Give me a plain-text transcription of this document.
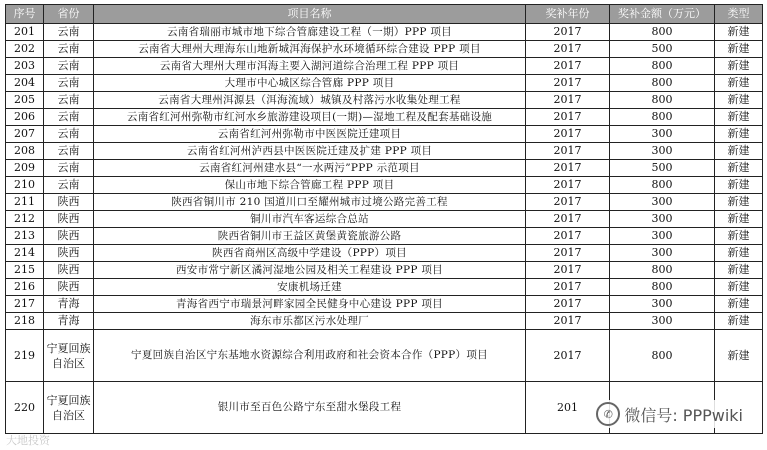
序号	省份	项目名称	奖补年份	奖补金额（万元）	类型
201	云南	云南省瑞丽市城市地下综合管廊建设工程（一期）PPP 项目	2017	800	新建
202	云南	云南省大理州大理海东山地新城洱海保护水环境循环综合建设 PPP 项目	2017	500	新建
203	云南	云南省大理州大理市洱海主要入湖河道综合治理工程 PPP 项目	2017	800	新建
204	云南	大理市中心城区综合管廊 PPP 项目	2017	800	新建
205	云南	云南省大理州洱源县（洱海流域）城镇及村落污水收集处理工程	2017	800	新建
206	云南	云南省红河州弥勒市红河水乡旅游建设项目(一期)—湿地工程及配套基础设施	2017	800	新建
207	云南	云南省红河州弥勒市中医医院迁建项目	2017	300	新建
208	云南	云南省红河州泸西县中医医院迁建及扩建 PPP 项目	2017	300	新建
209	云南	云南省红河州建水县“一水两污”PPP 示范项目	2017	500	新建
210	云南	保山市地下综合管廊工程 PPP 项目	2017	800	新建
211	陕西	陕西省铜川市 210 国道川口至耀州城市过境公路完善工程	2017	300	新建
212	陕西	铜川市汽车客运综合总站	2017	300	新建
213	陕西	陕西省铜川市王益区黄堡黄瓷旅游公路	2017	300	新建
214	陕西	陕西省商州区高级中学建设（PPP）项目	2017	300	新建
215	陕西	西安市常宁新区潏河湿地公园及相关工程建设 PPP 项目	2017	800	新建
216	陕西	安康机场迁建	2017	800	新建
217	青海	青海省西宁市瑞景河畔家园全民健身中心建设 PPP 项目	2017	300	新建
218	青海	海东市乐都区污水处理厂	2017	300	新建
219	宁夏回族自治区	宁夏回族自治区宁东基地水资源综合利用政府和社会资本合作（PPP）项目	2017	800	新建
220	宁夏回族自治区	银川市至百色公路宁东至甜水堡段工程	201		
大地投资
✆ 微信号: PPPwiki
